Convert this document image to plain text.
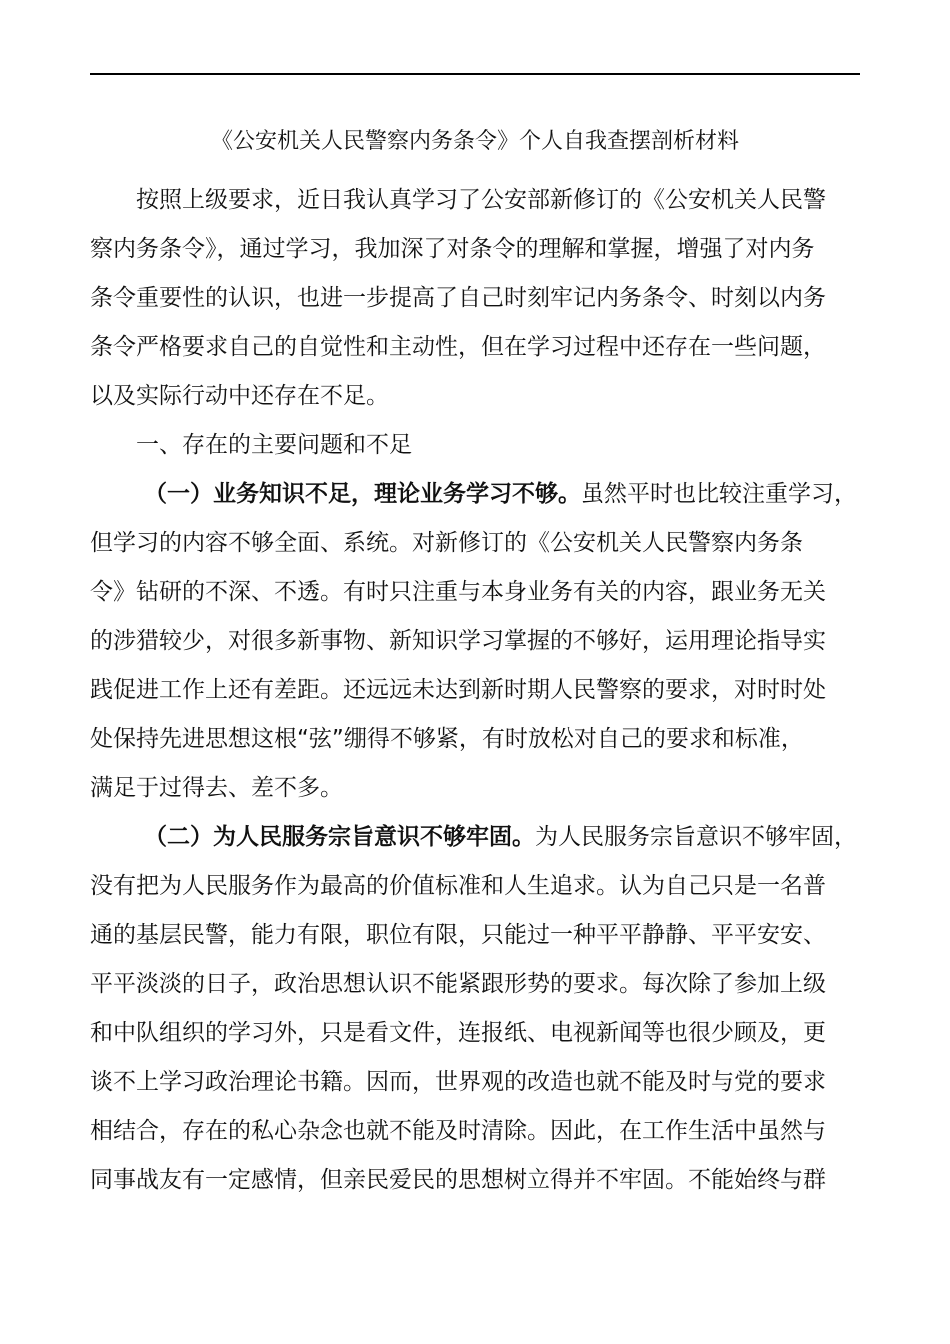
《公安机关人民警察内务条令》个人自我查摆剖析材料
按照上级要求，近日我认真学习了公安部新修订的《公安机关人民警
察内务条令》，通过学习，我加深了对条令的理解和掌握，增强了对内务
条令重要性的认识，也进一步提高了自己时刻牢记内务条令、时刻以内务
条令严格要求自己的自觉性和主动性，但在学习过程中还存在一些问题，
以及实际行动中还存在不足。
一、存在的主要问题和不足
（一）业务知识不足，理论业务学习不够。虽然平时也比较注重学习，
但学习的内容不够全面、系统。对新修订的《公安机关人民警察内务条
令》钻研的不深、不透。有时只注重与本身业务有关的内容，跟业务无关
的涉猎较少，对很多新事物、新知识学习掌握的不够好，运用理论指导实
践促进工作上还有差距。还远远未达到新时期人民警察的要求，对时时处
处保持先进思想这根“弦”绷得不够紧，有时放松对自己的要求和标准，
满足于过得去、差不多。
（二）为人民服务宗旨意识不够牢固。为人民服务宗旨意识不够牢固，
没有把为人民服务作为最高的价值标准和人生追求。认为自己只是一名普
通的基层民警，能力有限，职位有限，只能过一种平平静静、平平安安、
平平淡淡的日子，政治思想认识不能紧跟形势的要求。每次除了参加上级
和中队组织的学习外，只是看文件，连报纸、电视新闻等也很少顾及，更
谈不上学习政治理论书籍。因而，世界观的改造也就不能及时与党的要求
相结合，存在的私心杂念也就不能及时清除。因此，在工作生活中虽然与
同事战友有一定感情，但亲民爱民的思想树立得并不牢固。不能始终与群
